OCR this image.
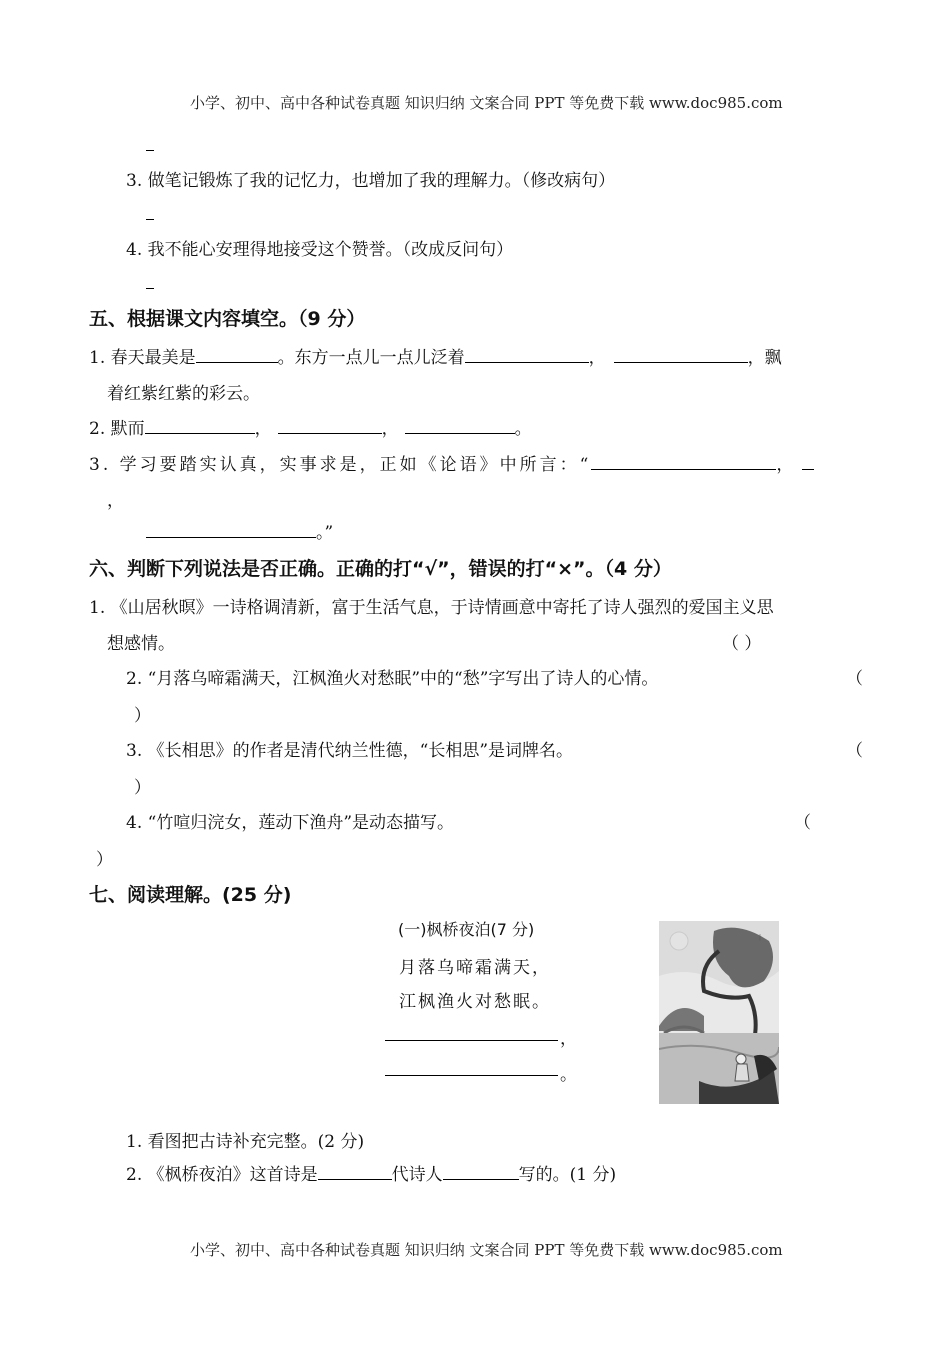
小学、初中、高中各种试卷真题 知识归纳 文案合同 PPT 等免费下载 www.doc985.com
3. 做笔记锻炼了我的记忆力，也增加了我的理解力。（修改病句）
4. 我不能心安理得地接受这个赞誉。（改成反问句）
五、根据课文内容填空。（9 分）
1. 春天最美是	。东方一点儿一点儿泛着	，	，飘
着红紫红紫的彩云。
2. 默而	，	，	。
3. 学习要踏实认真，实事求是，正如《论语》中所言：“	，
，
。”
六、判断下列说法是否正确。正确的打“√”，错误的打“×”。（4 分）
1. 《山居秋暝》一诗格调清新，富于生活气息，于诗情画意中寄托了诗人强烈的爱国主义思
想感情。	（ ）
2. “月落乌啼霜满天，江枫渔火对愁眠”中的“愁”字写出了诗人的心情。	（
）
3. 《长相思》的作者是清代纳兰性德，“长相思”是词牌名。	（
）
4. “竹喧归浣女，莲动下渔舟”是动态描写。	（
）
七、阅读理解。(25 分)
(一)枫桥夜泊(7 分)
月落乌啼霜满天，
江枫渔火对愁眠。
，
。
|
1. 看图把古诗补充完整。(2 分)
2. 《枫桥夜泊》这首诗是	代诗人	写的。(1 分)
小学、初中、高中各种试卷真题 知识归纳 文案合同 PPT 等免费下载 www.doc985.com
